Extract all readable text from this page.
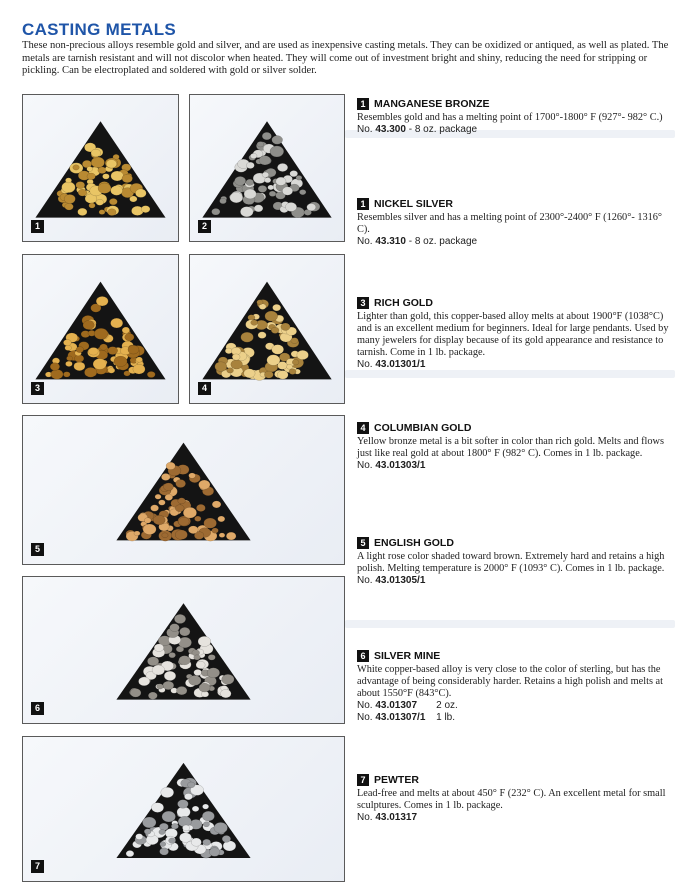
CASTING METALS

These non-precious alloys resemble gold and silver, and are used as inexpensive casting metals. They can be oxidized or antiqued, as well as plated. The metals are tarnish resistant and will not discolor when heated. They will come out of investment bright and shiny, reducing the need for stripping or pickling. Can be electroplated and soldered with gold or silver solder.

1	2
3	4
5
6
7
1 MANGANESE BRONZE

Resembles gold and has a melting point of 1700°-1800° F (927°- 982° C.)

No. 43.300 - 8 oz. package
1 NICKEL SILVER

Resembles silver and has a melting point of 2300°-2400° F (1260°- 1316° C).

No. 43.310 - 8 oz. package
3 RICH GOLD

Lighter than gold, this copper-based alloy melts at about 1900°F (1038°C) and is an excellent medium for beginners. Ideal for large pendants. Used by many jewelers for display because of its gold appearance and resistance to tarnish. Come in 1 lb. package.

No. 43.01301/1
4 COLUMBIAN GOLD

Yellow bronze metal is a bit softer in color than rich gold. Melts and flows just like real gold at about 1800° F (982° C). Comes in 1 lb. package.

No. 43.01303/1
5 ENGLISH GOLD

A light rose color shaded toward brown. Extremely hard and retains a high polish. Melting temperature is 2000° F (1093° C). Comes in 1 lb. package.

No. 43.01305/1
6 SILVER MINE

White copper-based alloy is very close to the color of sterling, but has the advantage of being considerably harder. Retains a high polish and melts at about 1550°F (843°C).

No. 43.01307 2 oz.
No. 43.01307/1 1 lb.
7 PEWTER

Lead-free and melts at about 450° F (232° C). An excellent metal for small sculptures. Comes in 1 lb. package.

No. 43.01317
